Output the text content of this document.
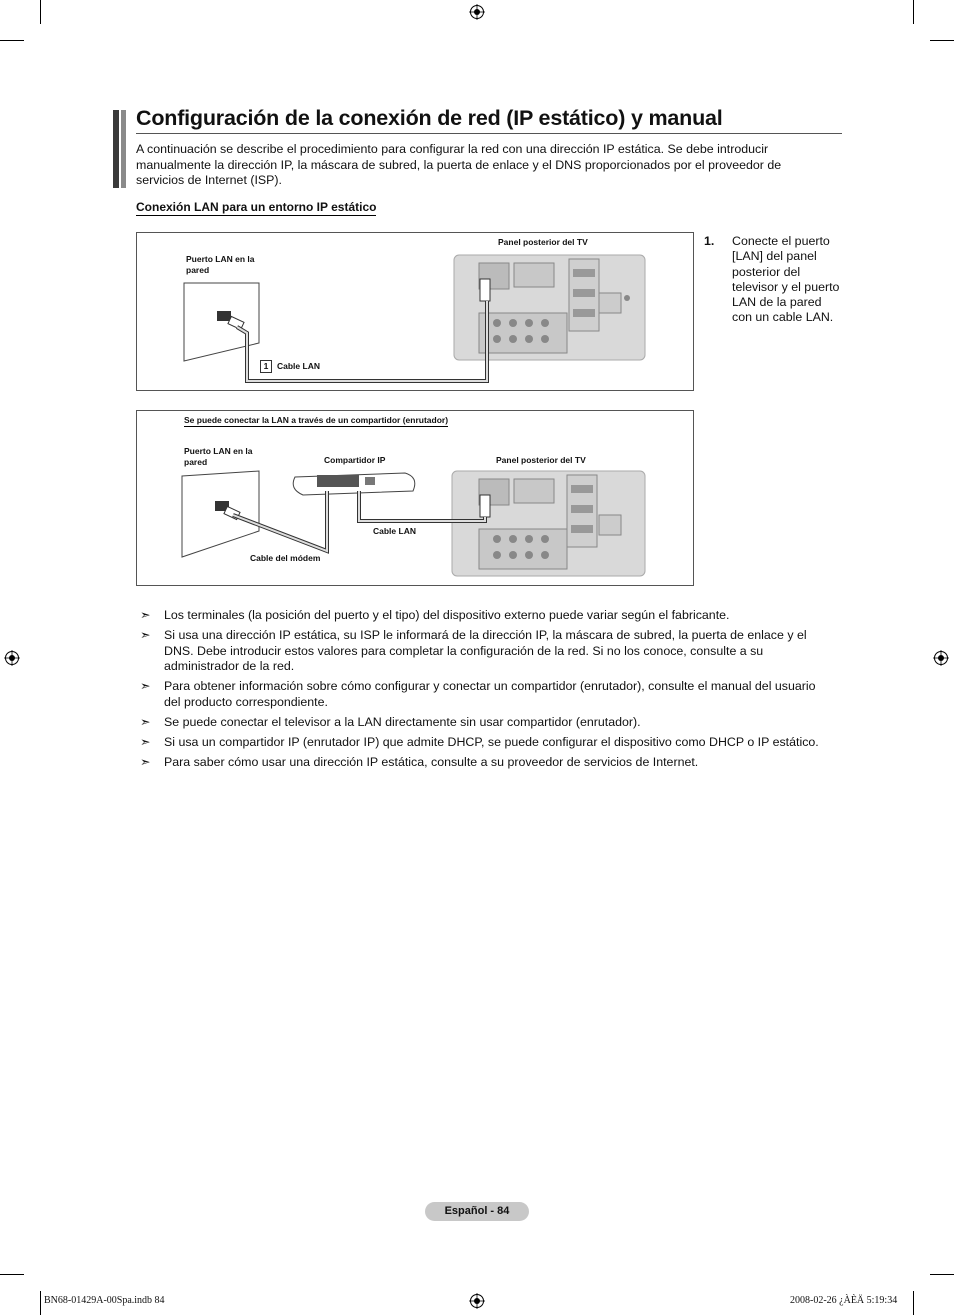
Configuración de la conexión de red (IP estático) y manual
A continuación se describe el procedimiento para configurar la red con una dirección IP estática. Se debe introducir manualmente la dirección IP, la máscara de subred, la puerta de enlace y el DNS proporcionados por el proveedor de servicios de Internet (ISP).
Conexión LAN para un entorno IP estático
Puerto LAN en la pared
Panel posterior del TV
1	Cable LAN
1. Conecte el puerto [LAN] del panel posterior del televisor y el puerto LAN de la pared con un cable LAN.
Se puede conectar la LAN a través de un compartidor (enrutador)
Puerto LAN en la pared	Compartidor IP	Panel posterior del TV
Cable LAN
Cable del módem
➣ Los terminales (la posición del puerto y el tipo) del dispositivo externo puede variar según el fabricante.
➣ Si usa una dirección IP estática, su ISP le informará de la dirección IP, la máscara de subred, la puerta de enlace y el DNS. Debe introducir estos valores para completar la configuración de la red. Si no los conoce, consulte a su administrador de la red.
➣ Para obtener información sobre cómo configurar y conectar un compartidor (enrutador), consulte el manual del usuario del producto correspondiente.
➣ Se puede conectar el televisor a la LAN directamente sin usar compartidor (enrutador).
➣ Si usa un compartidor IP (enrutador IP) que admite DHCP, se puede configurar el dispositivo como DHCP o IP estático.
➣ Para saber cómo usar una dirección IP estática, consulte a su proveedor de servicios de Internet.
Español - 84
BN68-01429A-00Spa.indb 84	2008-02-26 ¿ÀÈÄ 5:19:34
